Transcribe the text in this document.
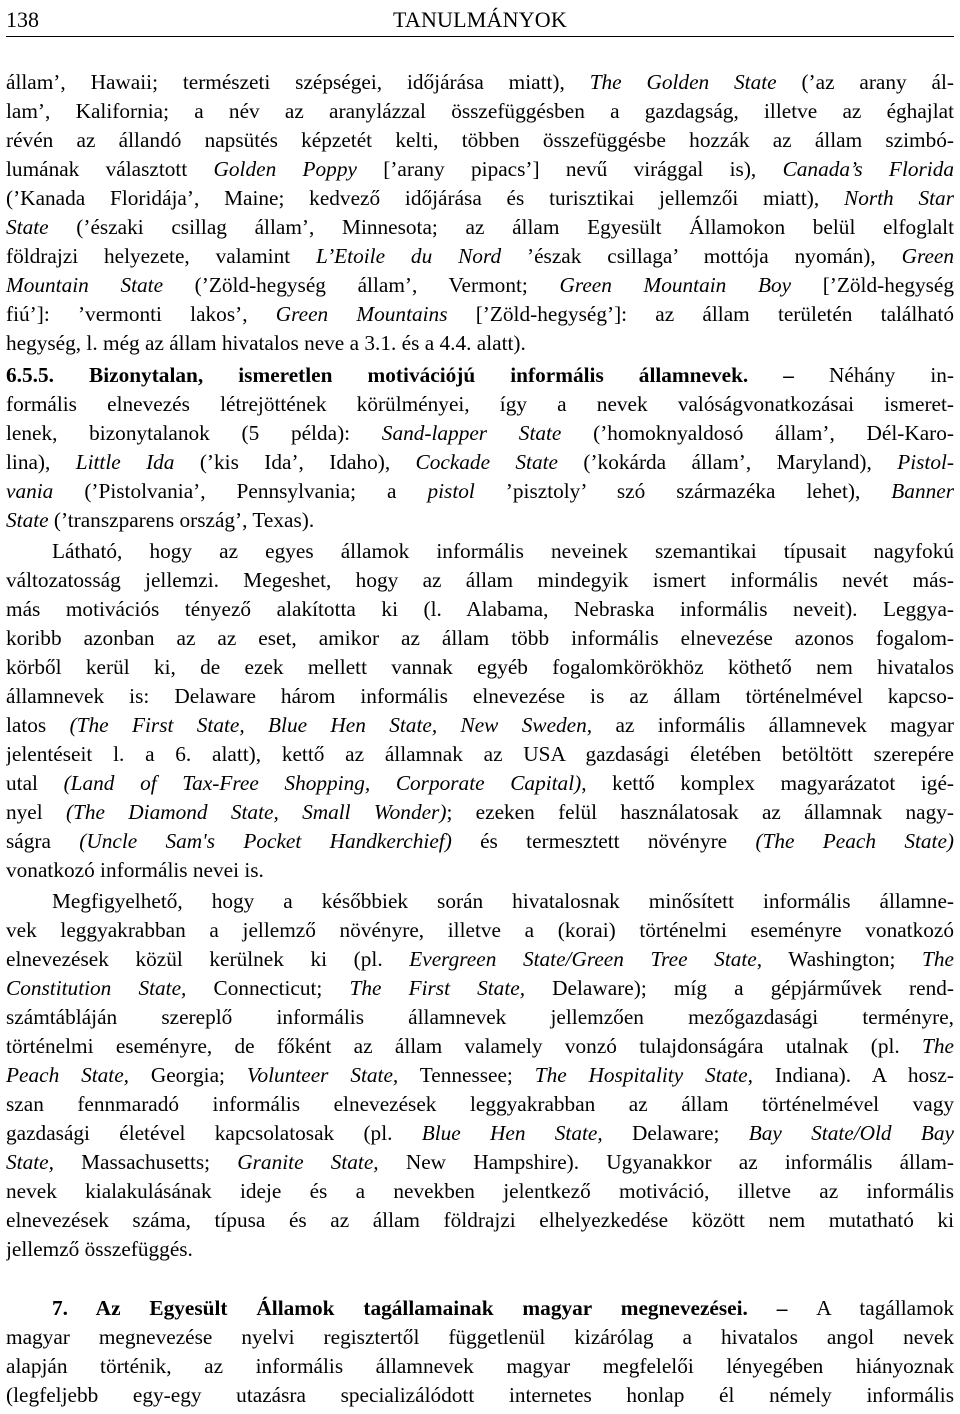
138	TANULMÁNYOK
állam’, Hawaii; természeti szépségei, időjárása miatt), The Golden State (’az arany ál-
lam’, Kalifornia; a név az aranylázzal összefüggésben a gazdagság, illetve az éghajlat
révén az állandó napsütés képzetét kelti, többen összefüggésbe hozzák az állam szimbó-
lumának választott Golden Poppy [’arany pipacs’] nevű virággal is), Canada’s Florida
(’Kanada Floridája’, Maine; kedvező időjárása és turisztikai jellemzői miatt), North Star
State (’északi csillag állam’, Minnesota; az állam Egyesült Államokon belül elfoglalt
földrajzi helyezete, valamint L’Etoile du Nord ’észak csillaga’ mottója nyomán), Green
Mountain State (’Zöld-hegység állam’, Vermont; Green Mountain Boy [’Zöld-hegység
fiú’]: ’vermonti lakos’, Green Mountains [’Zöld-hegység’]: az állam területén található
hegység, l. még az állam hivatalos neve a 3.1. és a 4.4. alatt).
6.5.5. Bizonytalan, ismeretlen motivációjú informális államnevek. – Néhány in-
formális elnevezés létrejöttének körülményei, így a nevek valóságvonatkozásai ismeret-
lenek, bizonytalanok (5 példa): Sand-lapper State (’homoknyaldosó állam’, Dél-Karo-
lina), Little Ida (’kis Ida’, Idaho), Cockade State (’kokárda állam’, Maryland), Pistol-
vania (’Pistolvania’, Pennsylvania; a pistol ’pisztoly’ szó származéka lehet), Banner
State (’transzparens ország’, Texas).
Látható, hogy az egyes államok informális neveinek szemantikai típusait nagyfokú
változatosság jellemzi. Megeshet, hogy az állam mindegyik ismert informális nevét más-
más motivációs tényező alakította ki (l. Alabama, Nebraska informális neveit). Leggya-
koribb azonban az az eset, amikor az állam több informális elnevezése azonos fogalom-
körből kerül ki, de ezek mellett vannak egyéb fogalomkörökhöz köthető nem hivatalos
államnevek is: Delaware három informális elnevezése is az állam történelmével kapcso-
latos (The First State, Blue Hen State, New Sweden, az informális államnevek magyar
jelentéseit l. a 6. alatt), kettő az államnak az USA gazdasági életében betöltött szerepére
utal (Land of Tax-Free Shopping, Corporate Capital), kettő komplex magyarázatot igé-
nyel (The Diamond State, Small Wonder); ezeken felül használatosak az államnak nagy-
ságra (Uncle Sam's Pocket Handkerchief) és termesztett növényre (The Peach State)
vonatkozó informális nevei is.
Megfigyelhető, hogy a későbbiek során hivatalosnak minősített informális államne-
vek leggyakrabban a jellemző növényre, illetve a (korai) történelmi eseményre vonatkozó
elnevezések közül kerülnek ki (pl. Evergreen State/Green Tree State, Washington; The
Constitution State, Connecticut; The First State, Delaware); míg a gépjárművek rend-
számtábláján szereplő informális államnevek jellemzően mezőgazdasági terményre,
történelmi eseményre, de főként az állam valamely vonzó tulajdonságára utalnak (pl. The
Peach State, Georgia; Volunteer State, Tennessee; The Hospitality State, Indiana). A hosz-
szan fennmaradó informális elnevezések leggyakrabban az állam történelmével vagy
gazdasági életével kapcsolatosak (pl. Blue Hen State, Delaware; Bay State/Old Bay
State, Massachusetts; Granite State, New Hampshire). Ugyanakkor az informális állam-
nevek kialakulásának ideje és a nevekben jelentkező motiváció, illetve az informális
elnevezések száma, típusa és az állam földrajzi elhelyezkedése között nem mutatható ki
jellemző összefüggés.
7. Az Egyesült Államok tagállamainak magyar megnevezései. – A tagállamok
magyar megnevezése nyelvi regisztertől függetlenül kizárólag a hivatalos angol nevek
alapján történik, az informális államnevek magyar megfelelői lényegében hiányoznak
(legfeljebb egy-egy utazásra specializálódott internetes honlap él némely informális
